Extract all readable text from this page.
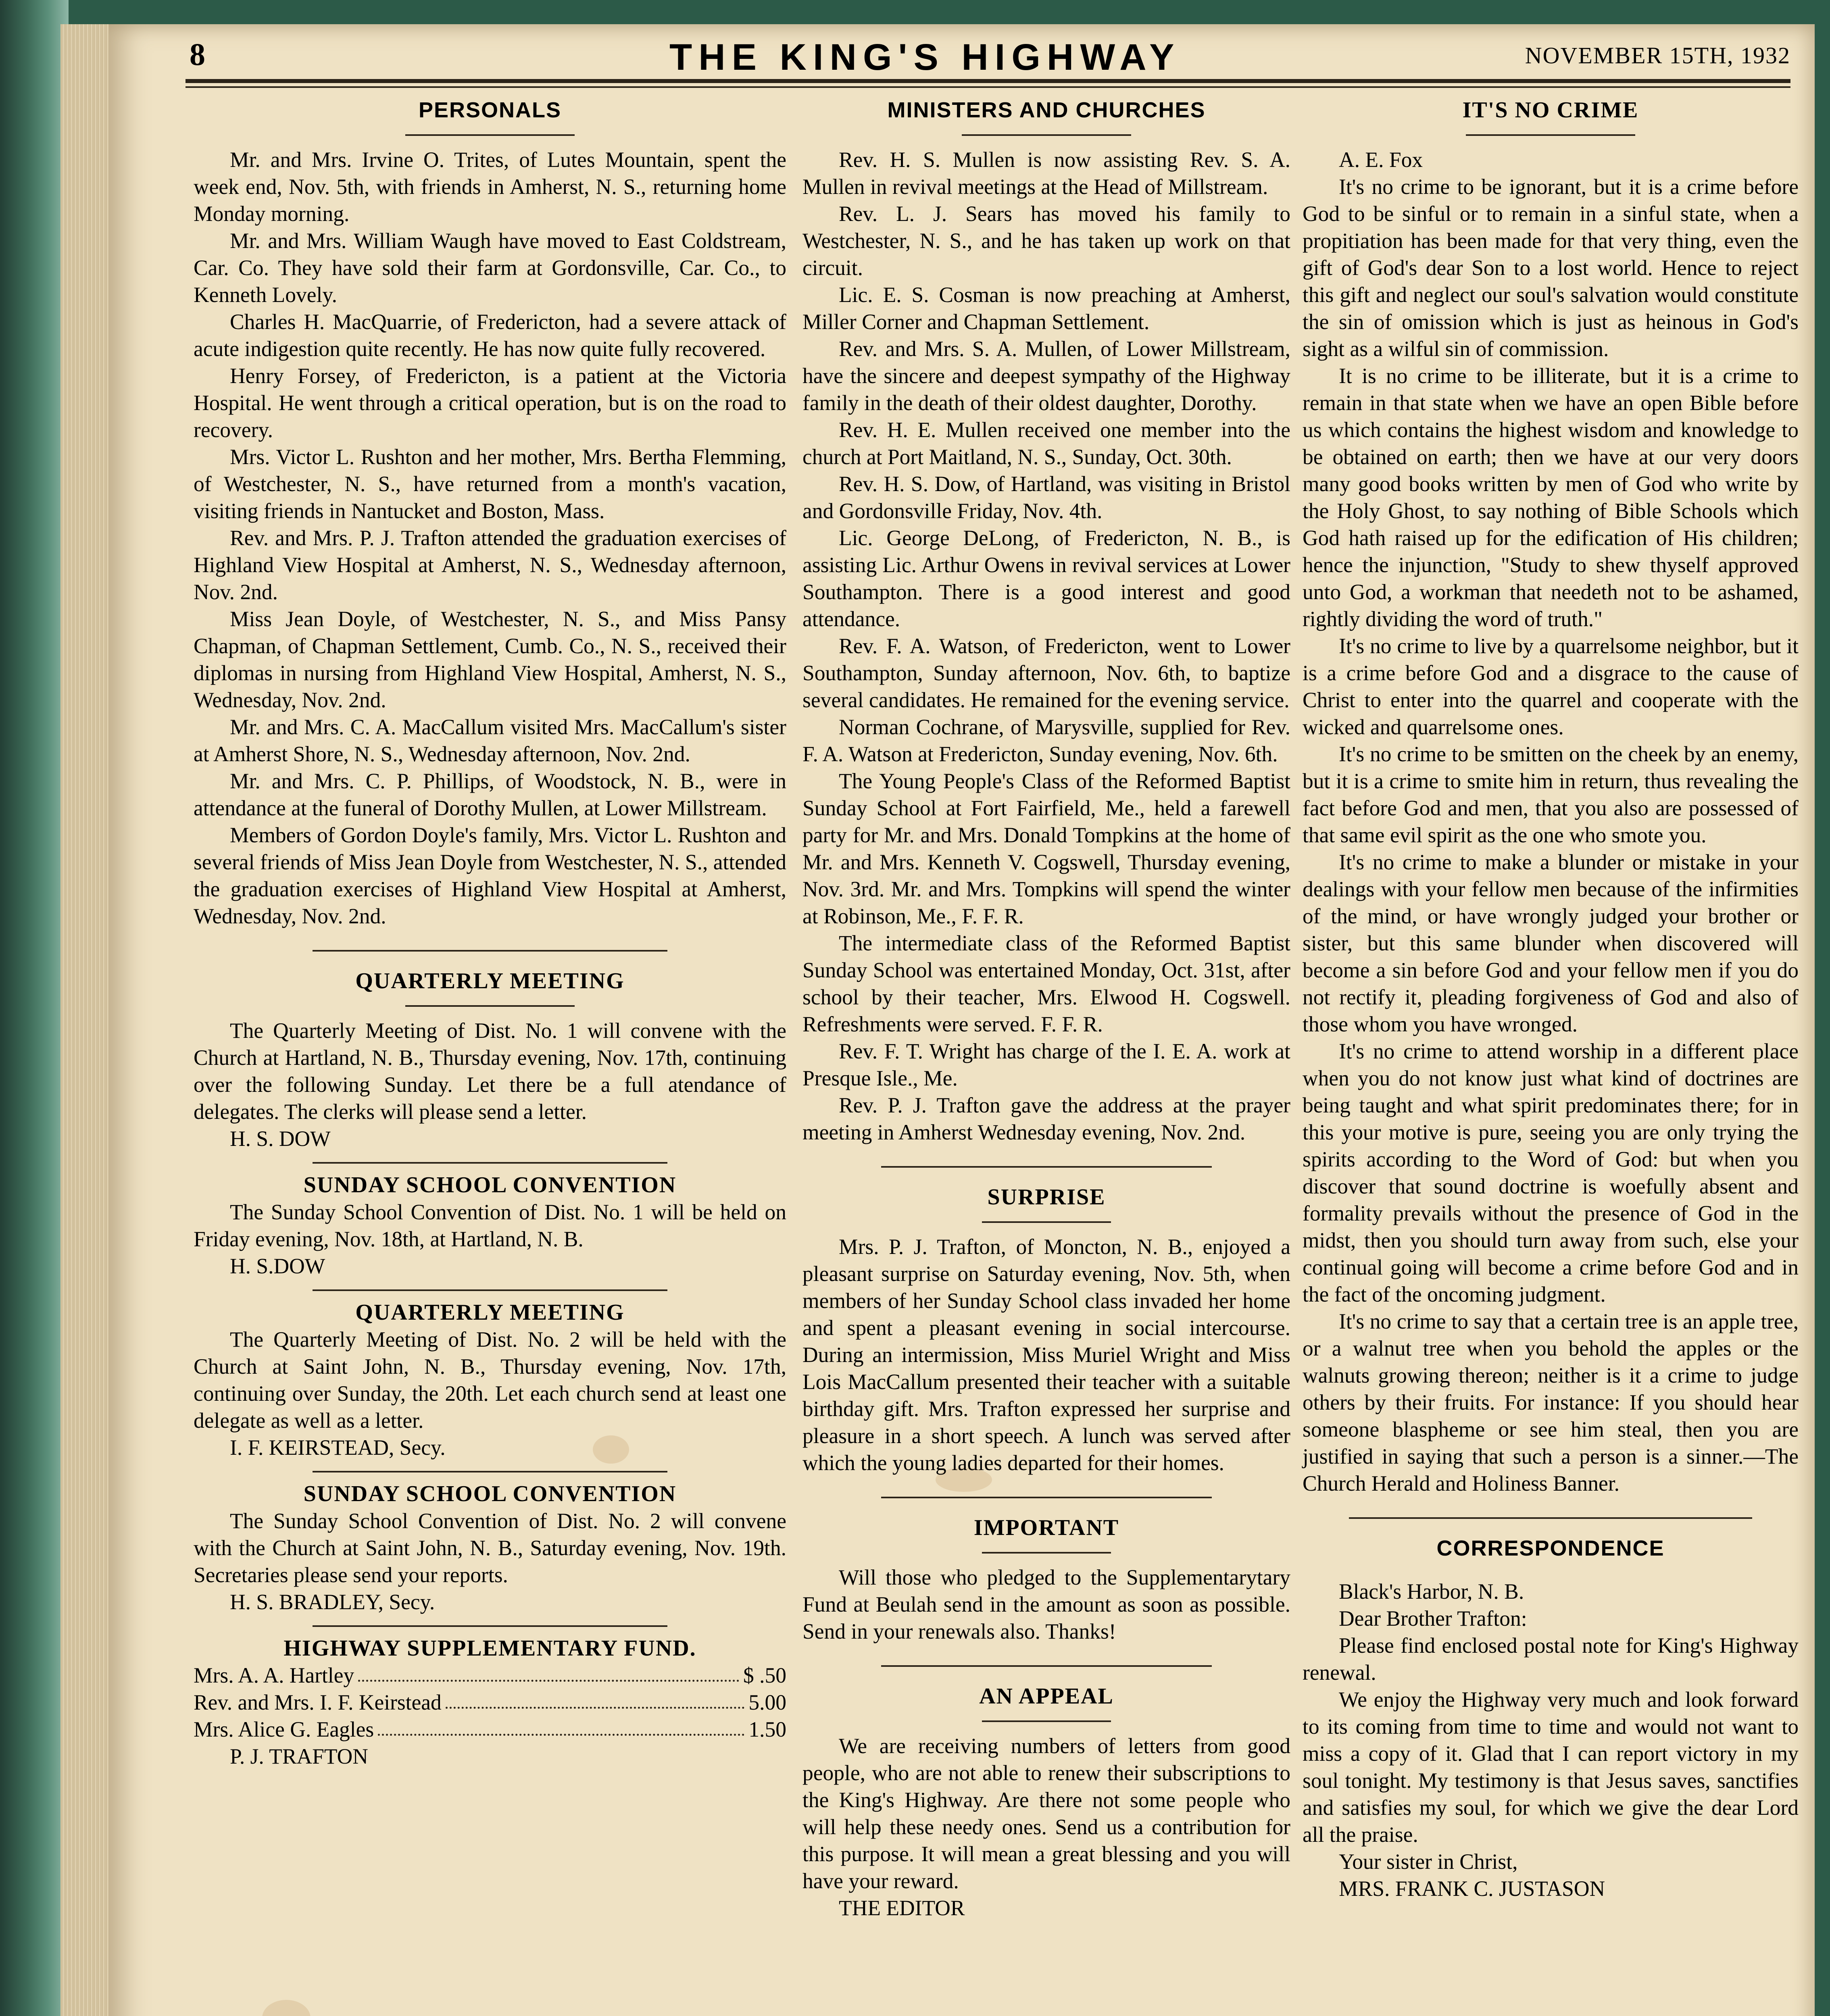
8	THE KING'S HIGHWAY	NOVEMBER 15TH, 1932
PERSONALS

Mr. and Mrs. Irvine O. Trites, of Lutes Mountain, spent the week end, Nov. 5th, with friends in Amherst, N. S., returning home Monday morning.

Mr. and Mrs. William Waugh have moved to East Coldstream, Car. Co. They have sold their farm at Gordonsville, Car. Co., to Kenneth Lovely.

Charles H. MacQuarrie, of Fredericton, had a severe attack of acute indigestion quite recently. He has now quite fully recovered.

Henry Forsey, of Fredericton, is a patient at the Victoria Hospital. He went through a critical operation, but is on the road to recovery.

Mrs. Victor L. Rushton and her mother, Mrs. Bertha Flemming, of Westchester, N. S., have returned from a month's vacation, visiting friends in Nantucket and Boston, Mass.

Rev. and Mrs. P. J. Trafton attended the graduation exercises of Highland View Hospital at Amherst, N. S., Wednesday afternoon, Nov. 2nd.

Miss Jean Doyle, of Westchester, N. S., and Miss Pansy Chapman, of Chapman Settlement, Cumb. Co., N. S., received their diplomas in nursing from Highland View Hospital, Amherst, N. S., Wednesday, Nov. 2nd.

Mr. and Mrs. C. A. MacCallum visited Mrs. MacCallum's sister at Amherst Shore, N. S., Wednesday afternoon, Nov. 2nd.

Mr. and Mrs. C. P. Phillips, of Woodstock, N. B., were in attendance at the funeral of Dorothy Mullen, at Lower Millstream.

Members of Gordon Doyle's family, Mrs. Victor L. Rushton and several friends of Miss Jean Doyle from Westchester, N. S., attended the graduation exercises of Highland View Hospital at Amherst, Wednesday, Nov. 2nd.

QUARTERLY MEETING

The Quarterly Meeting of Dist. No. 1 will convene with the Church at Hartland, N. B., Thursday evening, Nov. 17th, continuing over the following Sunday. Let there be a full atendance of delegates. The clerks will please send a letter.

H. S. DOW

SUNDAY SCHOOL CONVENTION

The Sunday School Convention of Dist. No. 1 will be held on Friday evening, Nov. 18th, at Hartland, N. B.

H. S.DOW

QUARTERLY MEETING

The Quarterly Meeting of Dist. No. 2 will be held with the Church at Saint John, N. B., Thursday evening, Nov. 17th, continuing over Sunday, the 20th. Let each church send at least one delegate as well as a letter.

I. F. KEIRSTEAD, Secy.

SUNDAY SCHOOL CONVENTION

The Sunday School Convention of Dist. No. 2 will convene with the Church at Saint John, N. B., Saturday evening, Nov. 19th. Secretaries please send your reports.

H. S. BRADLEY, Secy.

HIGHWAY SUPPLEMENTARY FUND.
Mrs. A. A. Hartley	$ .50
Rev. and Mrs. I. F. Keirstead	5.00
Mrs. Alice G. Eagles	1.50

P. J. TRAFTON

MINISTERS AND CHURCHES

Rev. H. S. Mullen is now assisting Rev. S. A. Mullen in revival meetings at the Head of Millstream.

Rev. L. J. Sears has moved his family to Westchester, N. S., and he has taken up work on that circuit.

Lic. E. S. Cosman is now preaching at Amherst, Miller Corner and Chapman Settlement.

Rev. and Mrs. S. A. Mullen, of Lower Millstream, have the sincere and deepest sympathy of the Highway family in the death of their oldest daughter, Dorothy.

Rev. H. E. Mullen received one member into the church at Port Maitland, N. S., Sunday, Oct. 30th.

Rev. H. S. Dow, of Hartland, was visiting in Bristol and Gordonsville Friday, Nov. 4th.

Lic. George DeLong, of Fredericton, N. B., is assisting Lic. Arthur Owens in revival services at Lower Southampton. There is a good interest and good attendance.

Rev. F. A. Watson, of Fredericton, went to Lower Southampton, Sunday afternoon, Nov. 6th, to baptize several candidates. He remained for the evening service.

Norman Cochrane, of Marysville, supplied for Rev. F. A. Watson at Fredericton, Sunday evening, Nov. 6th.

The Young People's Class of the Reformed Baptist Sunday School at Fort Fairfield, Me., held a farewell party for Mr. and Mrs. Donald Tompkins at the home of Mr. and Mrs. Kenneth V. Cogswell, Thursday evening, Nov. 3rd. Mr. and Mrs. Tompkins will spend the winter at Robinson, Me., F. F. R.

The intermediate class of the Reformed Baptist Sunday School was entertained Monday, Oct. 31st, after school by their teacher, Mrs. Elwood H. Cogswell. Refreshments were served. F. F. R.

Rev. F. T. Wright has charge of the I. E. A. work at Presque Isle., Me.

Rev. P. J. Trafton gave the address at the prayer meeting in Amherst Wednesday evening, Nov. 2nd.

SURPRISE

Mrs. P. J. Trafton, of Moncton, N. B., enjoyed a pleasant surprise on Saturday evening, Nov. 5th, when members of her Sunday School class invaded her home and spent a pleasant evening in social intercourse. During an intermission, Miss Muriel Wright and Miss Lois MacCallum presented their teacher with a suitable birthday gift. Mrs. Trafton expressed her surprise and pleasure in a short speech. A lunch was served after which the young ladies departed for their homes.

IMPORTANT

Will those who pledged to the Supplementarytary Fund at Beulah send in the amount as soon as possible. Send in your renewals also. Thanks!

AN APPEAL

We are receiving numbers of letters from good people, who are not able to renew their subscriptions to the King's Highway. Are there not some people who will help these needy ones. Send us a contribution for this purpose. It will mean a great blessing and you will have your reward.

THE EDITOR

IT'S NO CRIME

A. E. Fox

It's no crime to be ignorant, but it is a crime before God to be sinful or to remain in a sinful state, when a propitiation has been made for that very thing, even the gift of God's dear Son to a lost world. Hence to reject this gift and neglect our soul's salvation would constitute the sin of omission which is just as heinous in God's sight as a wilful sin of commission.

It is no crime to be illiterate, but it is a crime to remain in that state when we have an open Bible before us which contains the highest wisdom and knowledge to be obtained on earth; then we have at our very doors many good books written by men of God who write by the Holy Ghost, to say nothing of Bible Schools which God hath raised up for the edification of His children; hence the injunction, "Study to shew thyself approved unto God, a workman that needeth not to be ashamed, rightly dividing the word of truth."

It's no crime to live by a quarrelsome neighbor, but it is a crime before God and a disgrace to the cause of Christ to enter into the quarrel and cooperate with the wicked and quarrelsome ones.

It's no crime to be smitten on the cheek by an enemy, but it is a crime to smite him in return, thus revealing the fact before God and men, that you also are possessed of that same evil spirit as the one who smote you.

It's no crime to make a blunder or mistake in your dealings with your fellow men because of the infirmities of the mind, or have wrongly judged your brother or sister, but this same blunder when discovered will become a sin before God and your fellow men if you do not rectify it, pleading forgiveness of God and also of those whom you have wronged.

It's no crime to attend worship in a different place when you do not know just what kind of doctrines are being taught and what spirit predominates there; for in this your motive is pure, seeing you are only trying the spirits according to the Word of God: but when you discover that sound doctrine is woefully absent and formality prevails without the presence of God in the midst, then you should turn away from such, else your continual going will become a crime before God and in the fact of the oncoming judgment.

It's no crime to say that a certain tree is an apple tree, or a walnut tree when you behold the apples or the walnuts growing thereon; neither is it a crime to judge others by their fruits. For instance: If you should hear someone blaspheme or see him steal, then you are justified in saying that such a person is a sinner.—The Church Herald and Holiness Banner.

CORRESPONDENCE

Black's Harbor, N. B.

Dear Brother Trafton:

Please find enclosed postal note for King's Highway renewal.

We enjoy the Highway very much and look forward to its coming from time to time and would not want to miss a copy of it. Glad that I can report victory in my soul tonight. My testimony is that Jesus saves, sanctifies and satisfies my soul, for which we give the dear Lord all the praise.

Your sister in Christ,

MRS. FRANK C. JUSTASON
